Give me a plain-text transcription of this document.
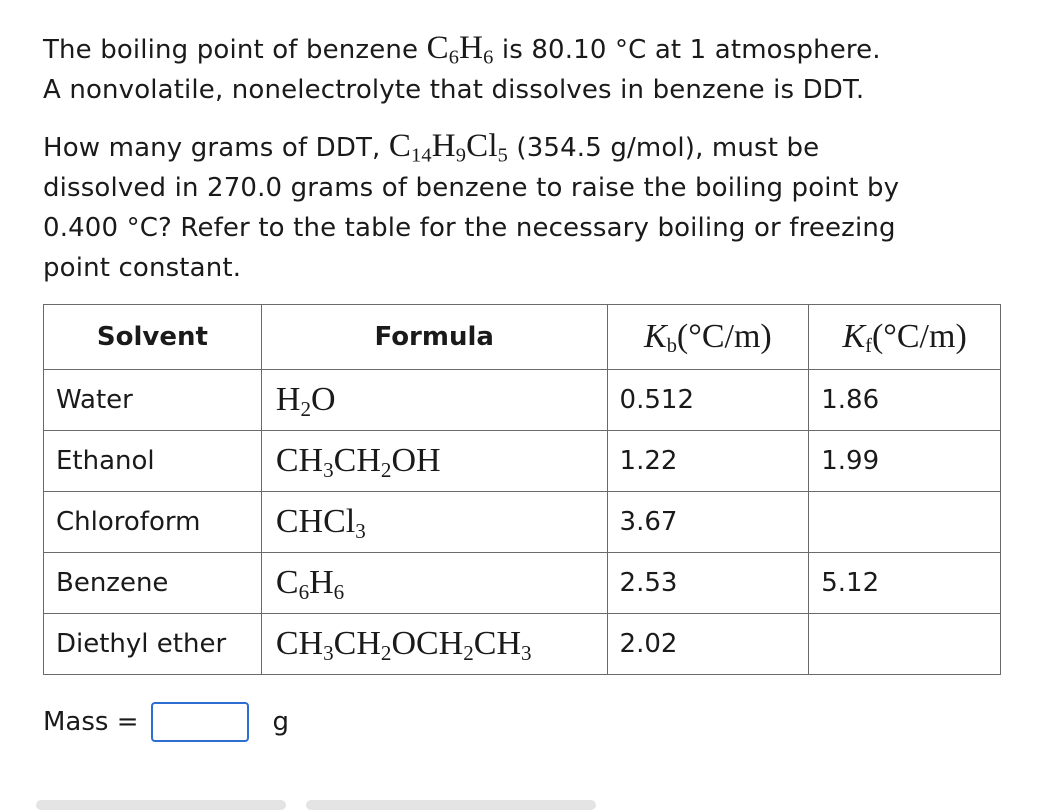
The boiling point of benzene $C_6H_6$ is 80.10 °C at 1 atmosphere.
A nonvolatile, nonelectrolyte that dissolves in benzene is DDT.

How many grams of DDT, $C_{14}H_9Cl_5$ (354.5 g/mol), must be
dissolved in 270.0 grams of benzene to raise the boiling point by
0.400 °C? Refer to the table for the necessary boiling or freezing
point constant.

Solvent	Formula	$K_b(^\circ C/m)$	$K_f(^\circ C/m)$
Water	$H_2O$	0.512	1.86
Ethanol	$CH_3CH_2OH$	1.22	1.99
Chloroform	CHCl$_3$	3.67	
Benzene	$C_6H_6$	2.53	5.12
Diethyl ether	$CH_3CH_2OCH_2CH_3$	2.02	
Mass =	g
